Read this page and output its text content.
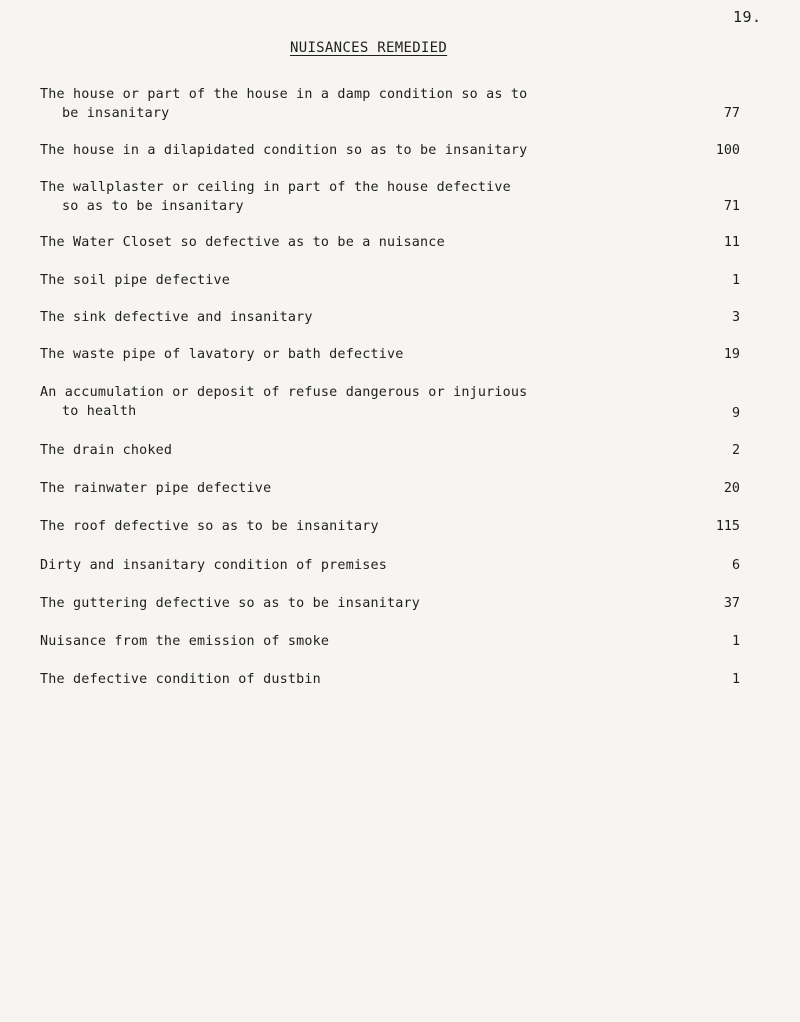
19.
NUISANCES REMEDIED
The house or part of the house in a damp condition so as to
be insanitary	77
The house in a dilapidated condition so as to be insanitary	100
The wallplaster or ceiling in part of the house defective
so as to be insanitary	71
The Water Closet so defective as to be a nuisance	11
The soil pipe defective	1
The sink defective and insanitary	3
The waste pipe of lavatory or bath defective	19
An accumulation or deposit of refuse dangerous or injurious
to health	9
The drain choked	2
The rainwater pipe defective	20
The roof defective so as to be insanitary	115
Dirty and insanitary condition of premises	6
The guttering defective so as to be insanitary	37
Nuisance from the emission of smoke	1
The defective condition of dustbin	1
